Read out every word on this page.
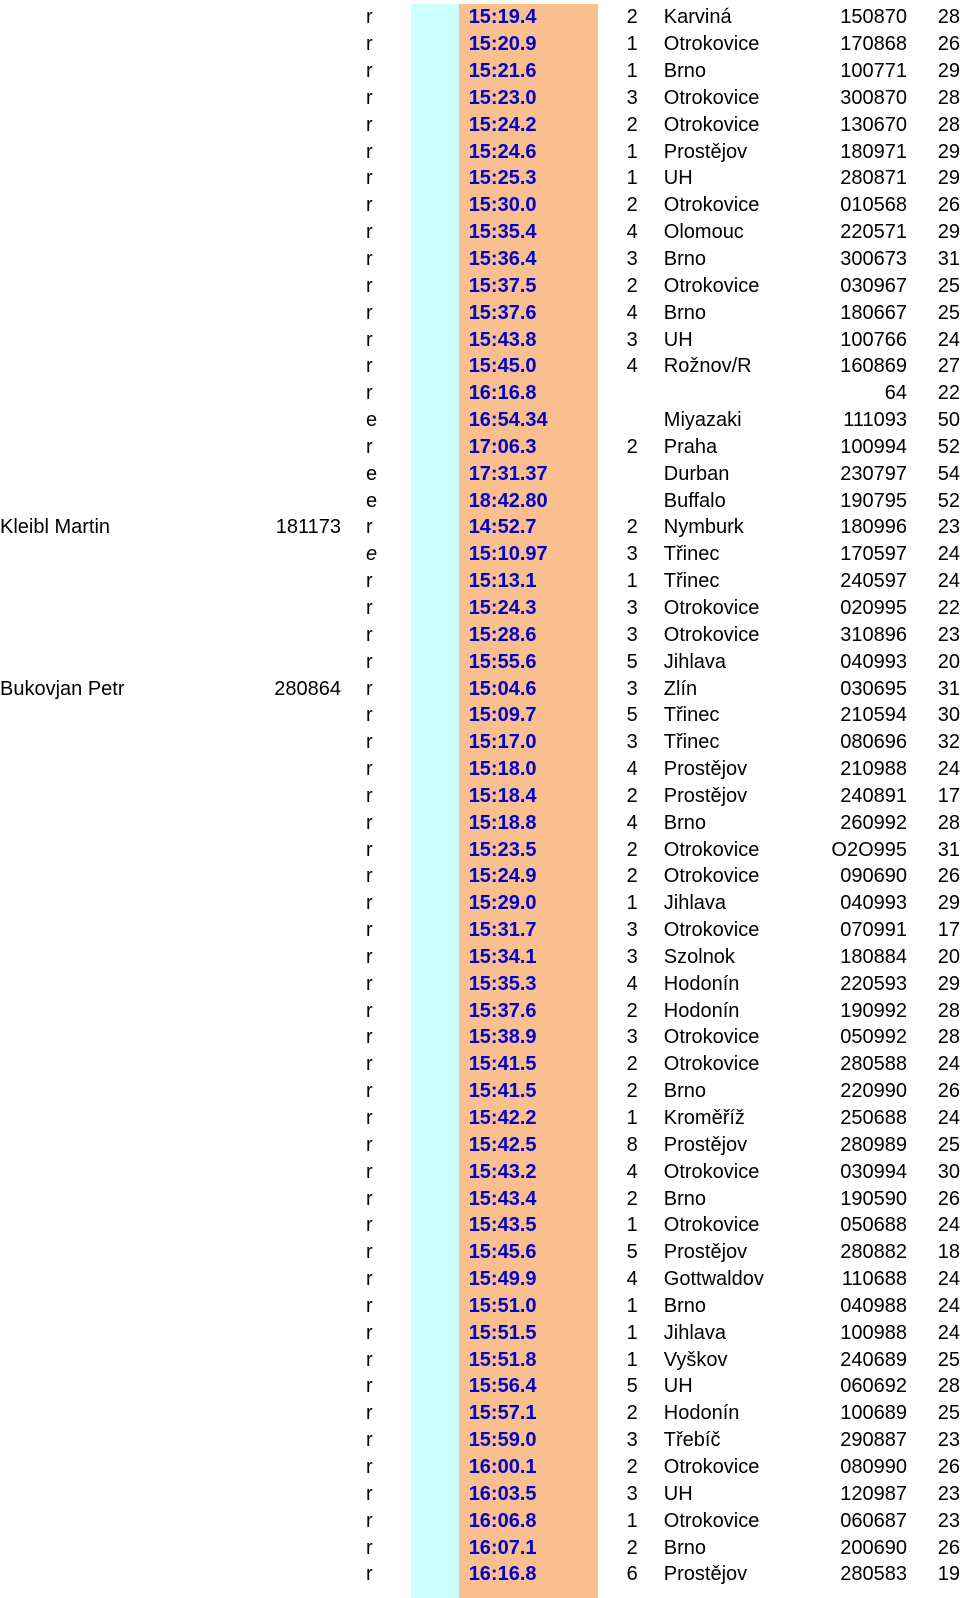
		r		15:19.4	2	Karviná	150870	28
		r		15:20.9	1	Otrokovice	170868	26
		r		15:21.6	1	Brno	100771	29
		r		15:23.0	3	Otrokovice	300870	28
		r		15:24.2	2	Otrokovice	130670	28
		r		15:24.6	1	Prostějov	180971	29
		r		15:25.3	1	UH	280871	29
		r		15:30.0	2	Otrokovice	010568	26
		r		15:35.4	4	Olomouc	220571	29
		r		15:36.4	3	Brno	300673	31
		r		15:37.5	2	Otrokovice	030967	25
		r		15:37.6	4	Brno	180667	25
		r		15:43.8	3	UH	100766	24
		r		15:45.0	4	Rožnov/R	160869	27
		r		16:16.8			64	22
		e		16:54.34		Miyazaki	111093	50
		r		17:06.3	2	Praha	100994	52
		e		17:31.37		Durban	230797	54
		e		18:42.80		Buffalo	190795	52
Kleibl Martin	181173	r		14:52.7	2	Nymburk	180996	23
		e		15:10.97	3	Třinec	170597	24
		r		15:13.1	1	Třinec	240597	24
		r		15:24.3	3	Otrokovice	020995	22
		r		15:28.6	3	Otrokovice	310896	23
		r		15:55.6	5	Jihlava	040993	20
Bukovjan Petr	280864	r		15:04.6	3	Zlín	030695	31
		r		15:09.7	5	Třinec	210594	30
		r		15:17.0	3	Třinec	080696	32
		r		15:18.0	4	Prostějov	210988	24
		r		15:18.4	2	Prostějov	240891	17
		r		15:18.8	4	Brno	260992	28
		r		15:23.5	2	Otrokovice	O2O995	31
		r		15:24.9	2	Otrokovice	090690	26
		r		15:29.0	1	Jihlava	040993	29
		r		15:31.7	3	Otrokovice	070991	17
		r		15:34.1	3	Szolnok	180884	20
		r		15:35.3	4	Hodonín	220593	29
		r		15:37.6	2	Hodonín	190992	28
		r		15:38.9	3	Otrokovice	050992	28
		r		15:41.5	2	Otrokovice	280588	24
		r		15:41.5	2	Brno	220990	26
		r		15:42.2	1	Kroměříž	250688	24
		r		15:42.5	8	Prostějov	280989	25
		r		15:43.2	4	Otrokovice	030994	30
		r		15:43.4	2	Brno	190590	26
		r		15:43.5	1	Otrokovice	050688	24
		r		15:45.6	5	Prostějov	280882	18
		r		15:49.9	4	Gottwaldov	110688	24
		r		15:51.0	1	Brno	040988	24
		r		15:51.5	1	Jihlava	100988	24
		r		15:51.8	1	Vyškov	240689	25
		r		15:56.4	5	UH	060692	28
		r		15:57.1	2	Hodonín	100689	25
		r		15:59.0	3	Třebíč	290887	23
		r		16:00.1	2	Otrokovice	080990	26
		r		16:03.5	3	UH	120987	23
		r		16:06.8	1	Otrokovice	060687	23
		r		16:07.1	2	Brno	200690	26
		r		16:16.8	6	Prostějov	280583	19
